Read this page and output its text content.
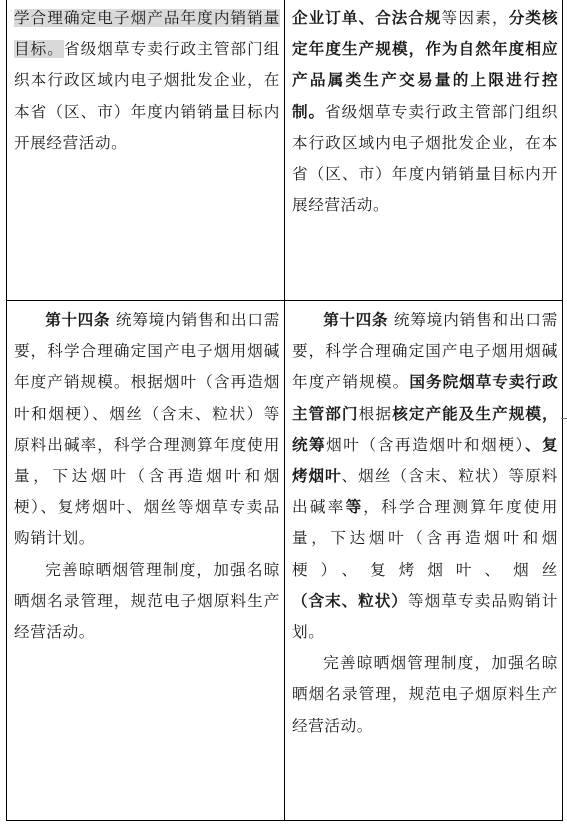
学合理确定电子烟产品年度内销销量目标。省级烟草专卖行政主管部门组织本行政区域内电子烟批发企业，在本省（区、市）年度内销销量目标内开展经营活动。

企业订单、合法合规等因素，分类核定年度生产规模，作为自然年度相应产品属类生产交易量的上限进行控制。省级烟草专卖行政主管部门组织本行政区域内电子烟批发企业，在本省（区、市）年度内销销量目标内开展经营活动。

第十四条 统筹境内销售和出口需要，科学合理确定国产电子烟用烟碱年度产销规模。根据烟叶（含再造烟叶和烟梗）、烟丝（含末、粒状）等原料出碱率，科学合理测算年度使用量，下达烟叶（含再造烟叶和烟梗）、复烤烟叶、烟丝等烟草专卖品购销计划。

完善晾晒烟管理制度，加强名晾晒烟名录管理，规范电子烟原料生产经营活动。

第十四条 统筹境内销售和出口需要，科学合理确定国产电子烟用烟碱年度产销规模。国务院烟草专卖行政主管部门根据核定产能及生产规模，统筹烟叶（含再造烟叶和烟梗）、复烤烟叶、烟丝（含末、粒状）等原料出碱率等，科学合理测算年度使用量，下达烟叶（含再造烟叶和烟梗）、复烤烟叶、烟丝（含末、粒状）等烟草专卖品购销计划。

完善晾晒烟管理制度，加强名晾晒烟名录管理，规范电子烟原料生产经营活动。
